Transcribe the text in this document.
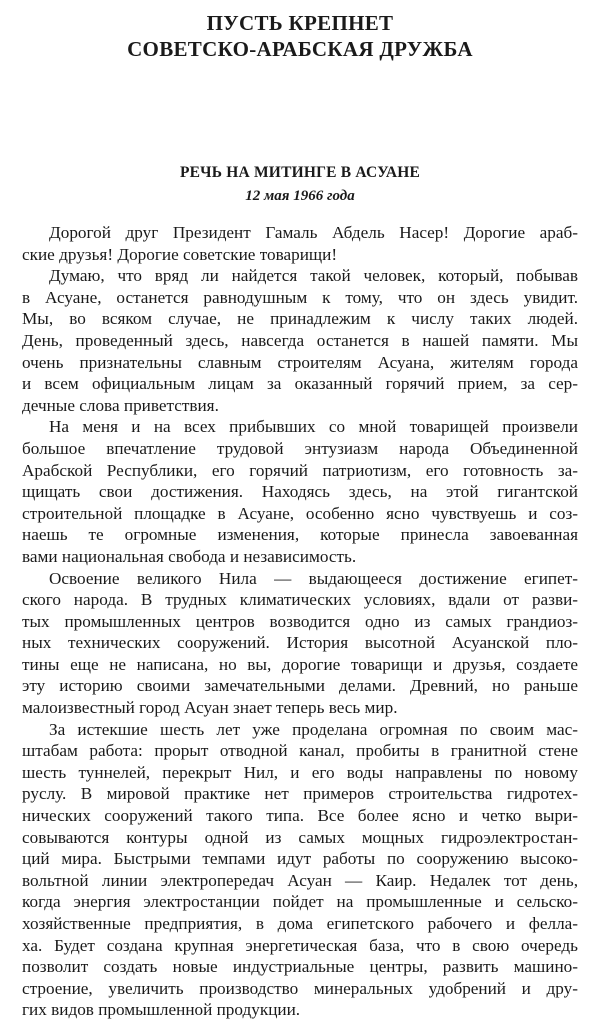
ПУСТЬ КРЕПНЕТ
СОВЕТСКО-АРАБСКАЯ ДРУЖБА
РЕЧЬ НА МИТИНГЕ В АСУАНЕ
12 мая 1966 года
Дорогой друг Президент Гамаль Абдель Насер! Дорогие араб-
ские друзья! Дорогие советские товарищи!
Думаю, что вряд ли найдется такой человек, который, побывав
в Асуане, останется равнодушным к тому, что он здесь увидит.
Мы, во всяком случае, не принадлежим к числу таких людей.
День, проведенный здесь, навсегда останется в нашей памяти. Мы
очень признательны славным строителям Асуана, жителям города
и всем официальным лицам за оказанный горячий прием, за сер-
дечные слова приветствия.
На меня и на всех прибывших со мной товарищей произвели
большое впечатление трудовой энтузиазм народа Объединенной
Арабской Республики, его горячий патриотизм, его готовность за-
щищать свои достижения. Находясь здесь, на этой гигантской
строительной площадке в Асуане, особенно ясно чувствуешь и соз-
наешь те огромные изменения, которые принесла завоеванная
вами национальная свобода и независимость.
Освоение великого Нила — выдающееся достижение египет-
ского народа. В трудных климатических условиях, вдали от разви-
тых промышленных центров возводится одно из самых грандиоз-
ных технических сооружений. История высотной Асуанской пло-
тины еще не написана, но вы, дорогие товарищи и друзья, создаете
эту историю своими замечательными делами. Древний, но раньше
малоизвестный город Асуан знает теперь весь мир.
За истекшие шесть лет уже проделана огромная по своим мас-
штабам работа: прорыт отводной канал, пробиты в гранитной стене
шесть туннелей, перекрыт Нил, и его воды направлены по новому
руслу. В мировой практике нет примеров строительства гидротех-
нических сооружений такого типа. Все более ясно и четко выри-
совываются контуры одной из самых мощных гидроэлектростан-
ций мира. Быстрыми темпами идут работы по сооружению высоко-
вольтной линии электропередач Асуан — Каир. Недалек тот день,
когда энергия электростанции пойдет на промышленные и сельско-
хозяйственные предприятия, в дома египетского рабочего и фелла-
ха. Будет создана крупная энергетическая база, что в свою очередь
позволит создать новые индустриальные центры, развить машино-
строение, увеличить производство минеральных удобрений и дру-
гих видов промышленной продукции.
